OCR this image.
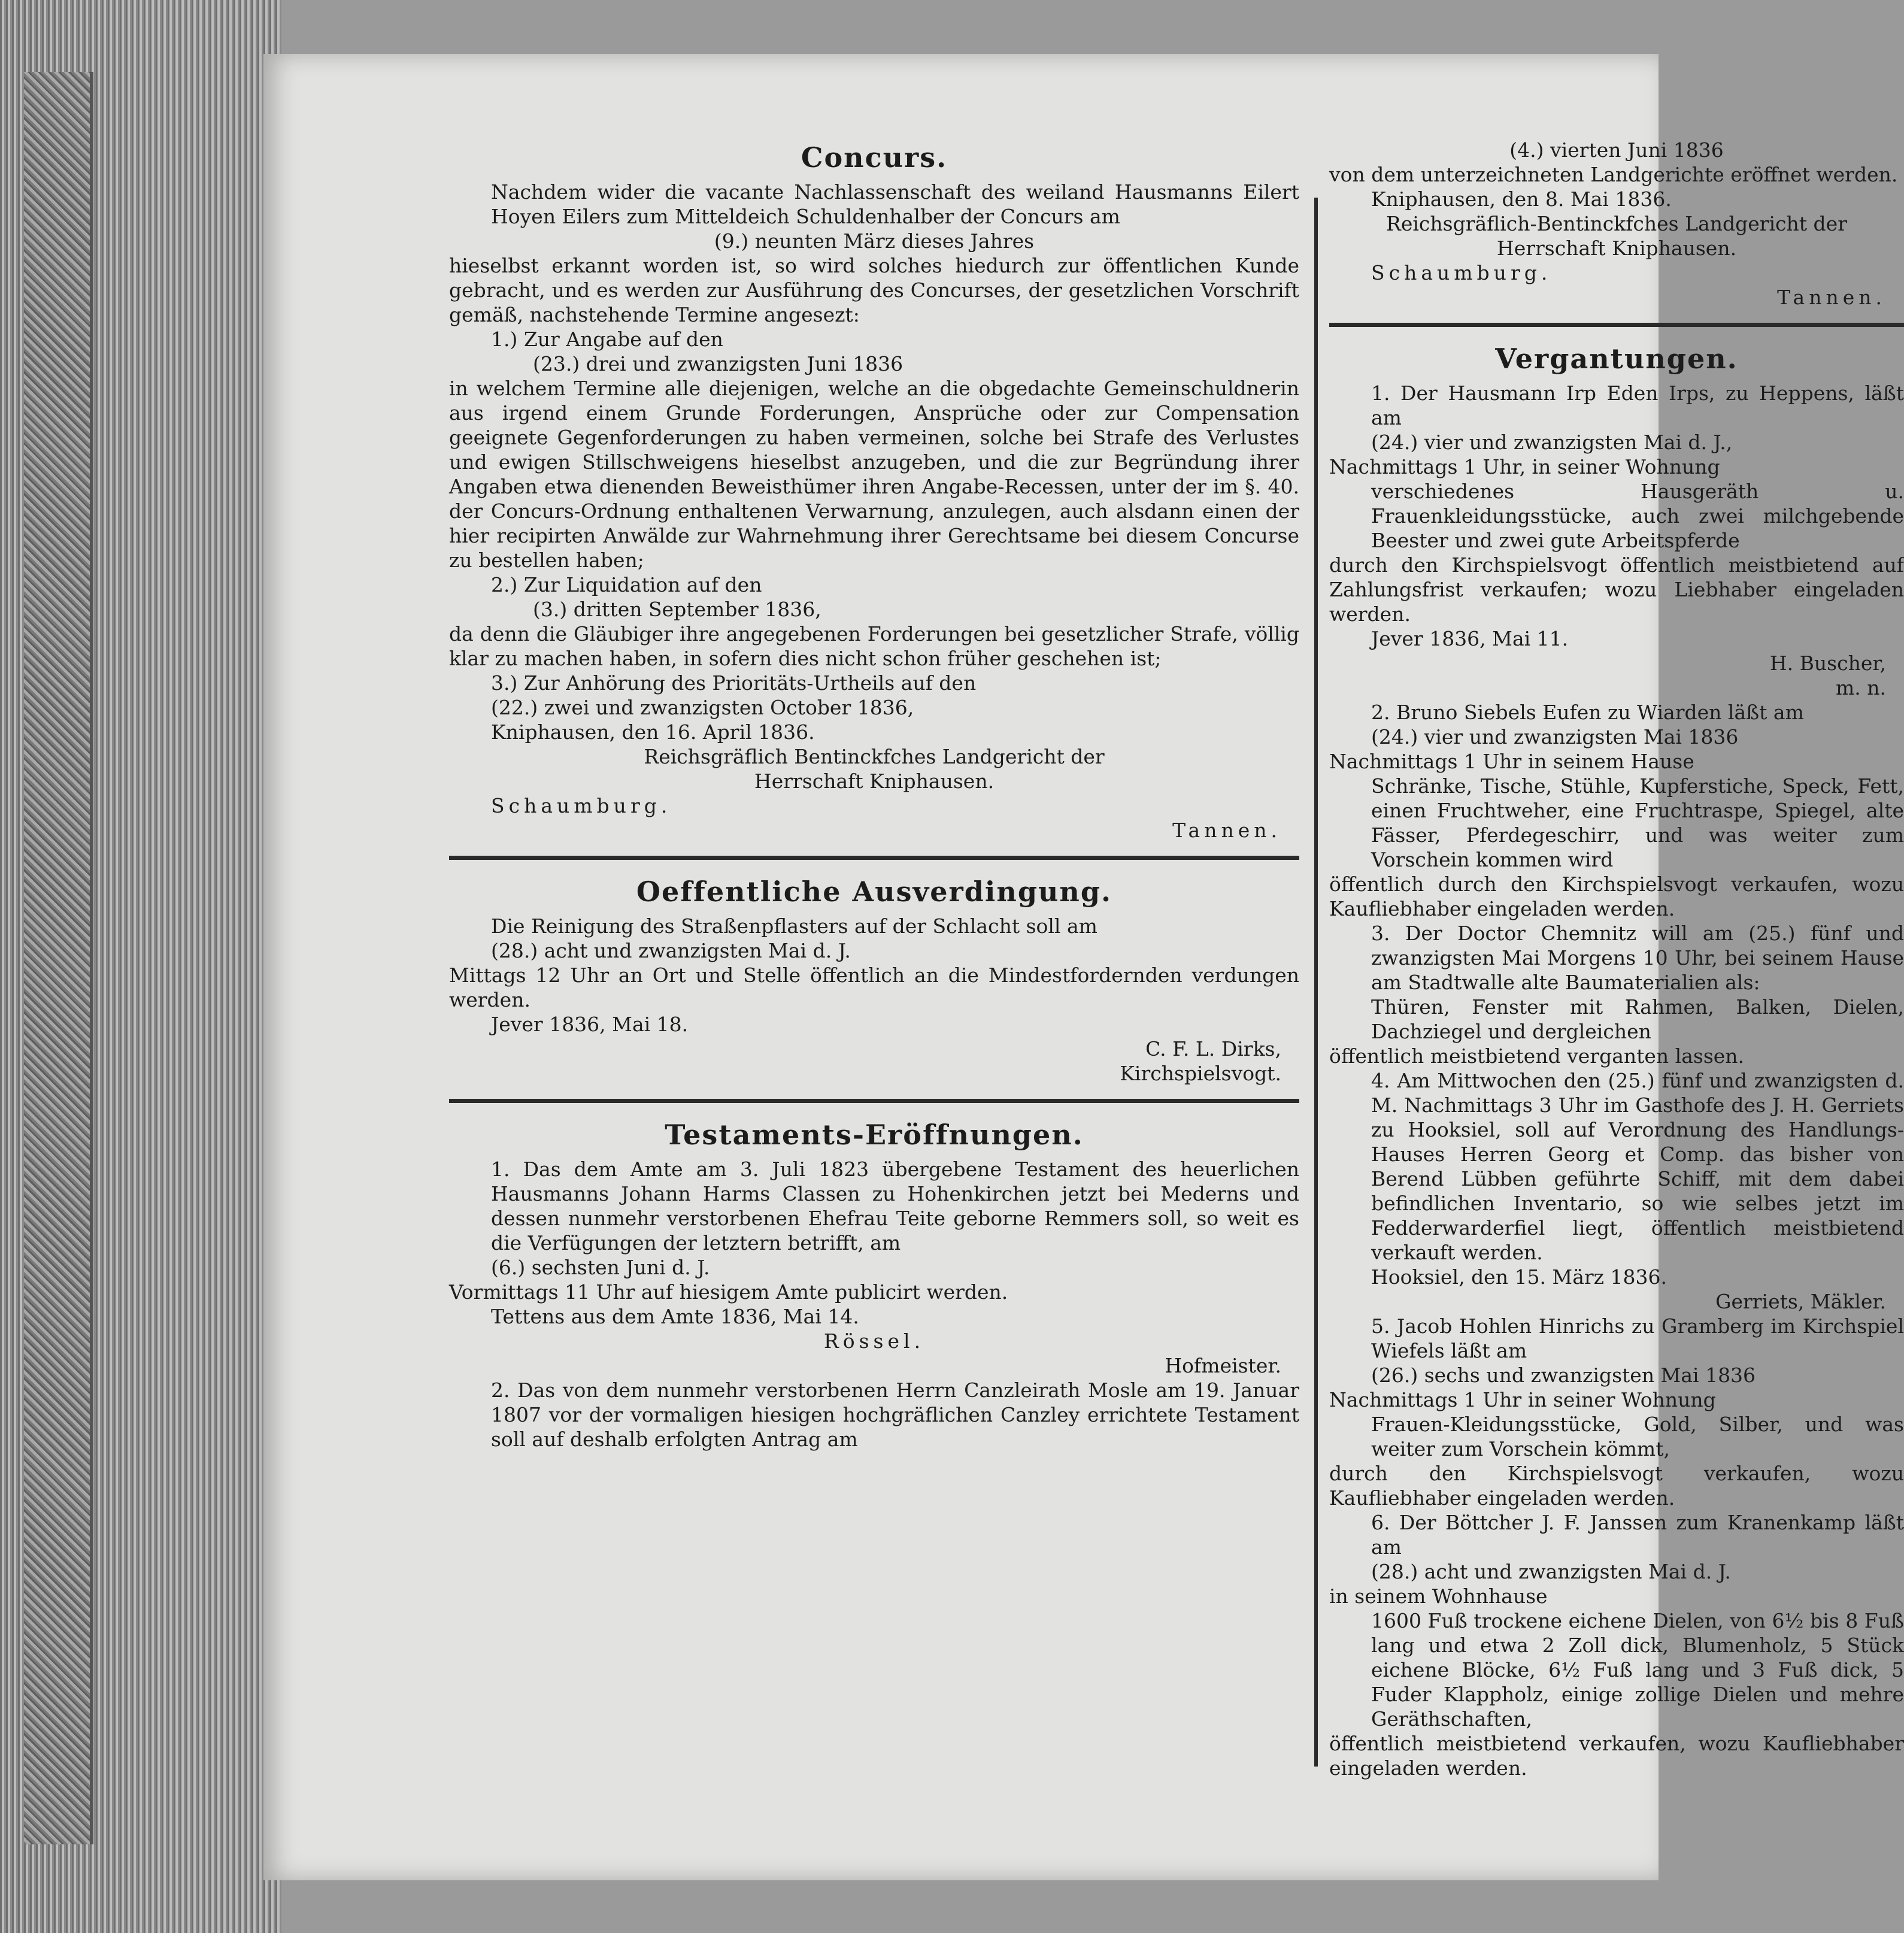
Concurs.

Nachdem wider die vacante Nachlassenschaft des weiland Hausmanns Eilert Hoyen Eilers zum Mitteldeich Schuldenhalber der Concurs am

(9.) neunten März dieses Jahres

hieselbst erkannt worden ist, so wird solches hiedurch zur öffentlichen Kunde gebracht, und es werden zur Ausführung des Concurses, der gesetzlichen Vorschrift gemäß, nachstehende Termine angesezt:

1.) Zur Angabe auf den

(23.) drei und zwanzigsten Juni 1836

in welchem Termine alle diejenigen, welche an die obgedachte Gemeinschuldnerin aus irgend einem Grunde Forderungen, Ansprüche oder zur Compensation geeignete Gegenforderungen zu haben vermeinen, solche bei Strafe des Verlustes und ewigen Stillschweigens hieselbst anzugeben, und die zur Begründung ihrer Angaben etwa dienenden Beweisthümer ihren Angabe-Recessen, unter der im §. 40. der Concurs-Ordnung enthaltenen Verwarnung, anzulegen, auch alsdann einen der hier recipirten Anwälde zur Wahrnehmung ihrer Gerechtsame bei diesem Concurse zu bestellen haben;

2.) Zur Liquidation auf den

(3.) dritten September 1836,

da denn die Gläubiger ihre angegebenen Forderungen bei gesetzlicher Strafe, völlig klar zu machen haben, in sofern dies nicht schon früher geschehen ist;

3.) Zur Anhörung des Prioritäts-Urtheils auf den

(22.) zwei und zwanzigsten October 1836,

Kniphausen, den 16. April 1836.

Reichsgräflich Bentinckfches Landgericht der

Herrschaft Kniphausen.

Schaumburg.

Tannen.

Oeffentliche Ausverdingung.

Die Reinigung des Straßenpflasters auf der Schlacht soll am

(28.) acht und zwanzigsten Mai d. J.

Mittags 12 Uhr an Ort und Stelle öffentlich an die Mindestfordernden verdungen werden.

Jever 1836, Mai 18.

C. F. L. Dirks,

Kirchspielsvogt.

Testaments-Eröffnungen.

1. Das dem Amte am 3. Juli 1823 übergebene Testament des heuerlichen Hausmanns Johann Harms Classen zu Hohenkirchen jetzt bei Mederns und dessen nunmehr verstorbenen Ehefrau Teite geborne Remmers soll, so weit es die Verfügungen der letztern betrifft, am

(6.) sechsten Juni d. J.

Vormittags 11 Uhr auf hiesigem Amte publicirt werden.

Tettens aus dem Amte 1836, Mai 14.

Rössel.

Hofmeister.

2. Das von dem nunmehr verstorbenen Herrn Canzleirath Mosle am 19. Januar 1807 vor der vormaligen hiesigen hochgräflichen Canzley errichtete Testament soll auf deshalb erfolgten Antrag am

(4.) vierten Juni 1836

von dem unterzeichneten Landgerichte eröffnet werden.

Kniphausen, den 8. Mai 1836.

Reichsgräflich-Bentinckfches Landgericht der

Herrschaft Kniphausen.

Schaumburg.

Tannen.

Vergantungen.

1. Der Hausmann Irp Eden Irps, zu Heppens, läßt am

(24.) vier und zwanzigsten Mai d. J.,

Nachmittags 1 Uhr, in seiner Wohnung

verschiedenes Hausgeräth u. Frauenkleidungsstücke, auch zwei milchgebende Beester und zwei gute Arbeitspferde

durch den Kirchspielsvogt öffentlich meistbietend auf Zahlungsfrist verkaufen; wozu Liebhaber eingeladen werden.

Jever 1836, Mai 11.

H. Buscher,

m. n.

2. Bruno Siebels Eufen zu Wiarden läßt am

(24.) vier und zwanzigsten Mai 1836

Nachmittags 1 Uhr in seinem Hause

Schränke, Tische, Stühle, Kupferstiche, Speck, Fett, einen Fruchtweher, eine Fruchtraspe, Spiegel, alte Fässer, Pferdegeschirr, und was weiter zum Vorschein kommen wird

öffentlich durch den Kirchspielsvogt verkaufen, wozu Kaufliebhaber eingeladen werden.

3. Der Doctor Chemnitz will am (25.) fünf und zwanzigsten Mai Morgens 10 Uhr, bei seinem Hause am Stadtwalle alte Baumaterialien als:

Thüren, Fenster mit Rahmen, Balken, Dielen, Dachziegel und dergleichen

öffentlich meistbietend verganten lassen.

4. Am Mittwochen den (25.) fünf und zwanzigsten d. M. Nachmittags 3 Uhr im Gasthofe des J. H. Gerriets zu Hooksiel, soll auf Verordnung des Handlungs-Hauses Herren Georg et Comp. das bisher von Berend Lübben geführte Schiff, mit dem dabei befindlichen Inventario, so wie selbes jetzt im Fedderwarderfiel liegt, öffentlich meistbietend verkauft werden.

Hooksiel, den 15. März 1836.

Gerriets, Mäkler.

5. Jacob Hohlen Hinrichs zu Gramberg im Kirchspiel Wiefels läßt am

(26.) sechs und zwanzigsten Mai 1836

Nachmittags 1 Uhr in seiner Wohnung

Frauen-Kleidungsstücke, Gold, Silber, und was weiter zum Vorschein kömmt,

durch den Kirchspielsvogt verkaufen, wozu Kaufliebhaber eingeladen werden.

6. Der Böttcher J. F. Janssen zum Kranenkamp läßt am

(28.) acht und zwanzigsten Mai d. J.

in seinem Wohnhause

1600 Fuß trockene eichene Dielen, von 6½ bis 8 Fuß lang und etwa 2 Zoll dick, Blumenholz, 5 Stück eichene Blöcke, 6½ Fuß lang und 3 Fuß dick, 5 Fuder Klappholz, einige zollige Dielen und mehre Geräthschaften,

öffentlich meistbietend verkaufen, wozu Kaufliebhaber eingeladen werden.
